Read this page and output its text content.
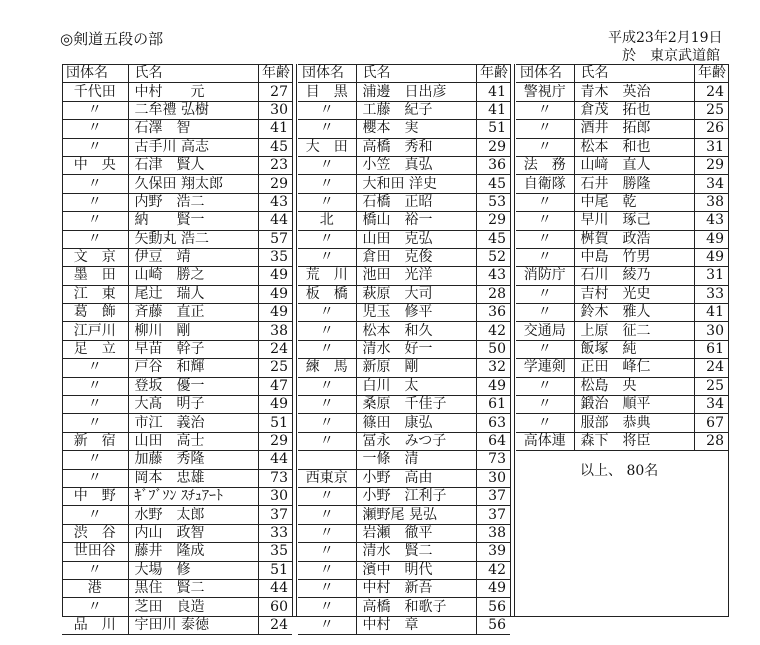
◎剣道五段の部	平成23年2月19日
於　東京武道館
団体名	氏名	年齢
千代田	中村　　元	27
〃	二牟禮 弘樹	30
〃	石澤　智	41
〃	古手川 高志	45
中　央	石津　賢人	23
〃	久保田 翔太郎	29
〃	内野　浩二	43
〃	納　　賢一	44
〃	矢動丸 浩二	57
文　京	伊豆　靖	35
墨　田	山崎　勝之	49
江　東	尾辻　瑞人	49
葛　飾	斉藤　直正	49
江戸川	柳川　剛	38
足　立	早苗　幹子	24
〃	戸谷　和輝	25
〃	登坂　優一	47
〃	大髙　明子	49
〃	市江　義治	51
新　宿	山田　高士	29
〃	加藤　秀隆	44
〃	岡本　忠雄	73
中　野	ｷﾞﾌﾞｿﾝ ｽﾁｭｱｰﾄ	30
〃	水野　太郎	37
渋　谷	内山　政智	33
世田谷	藤井　隆成	35
〃	大場　修	51
港	黒住　賢二	44
〃	芝田　良造	60
品　川	宇田川 泰徳	24
団体名	氏名	年齢
目　黒	浦邊　日出彦	41
〃	工藤　紀子	41
〃	櫻本　実	51
大　田	高橋　秀和	29
〃	小笠　真弘	36
〃	大和田 洋史	45
〃	石橋　正昭	53
北	橋山　裕一	29
〃	山田　克弘	45
〃	倉田　克俊	52
荒　川	池田　光洋	43
板　橋	萩原　大司	28
〃	児玉　修平	36
〃	松本　和久	42
〃	清水　好一	50
練　馬	新原　剛	32
〃	白川　太	49
〃	桑原　千佳子	61
〃	篠田　康弘	63
〃	冨永　みつ子	64
	一條　清	73
西東京	小野　高由	30
〃	小野　江利子	37
〃	瀬野尾 晃弘	37
〃	岩瀬　徹平	38
〃	清水　賢二	39
〃	濱中　明代	42
〃	中村　新吾	49
〃	高橋　和歌子	56
〃	中村　章	56
団体名	氏名	年齢
警視庁	青木　英治	24
〃	倉茂　拓也	25
〃	酒井　拓郎	26
〃	松本　和也	31
法　務	山﨑　直人	29
自衛隊	石井　勝隆	34
〃	中尾　乾	38
〃	早川　琢己	43
〃	桝賀　政浩	49
〃	中島　竹男	49
消防庁	石川　綾乃	31
〃	吉村　光史	33
〃	鈴木　雅人	41
交通局	上原　征二	30
〃	飯塚　純	61
学連剣	正田　峰仁	24
〃	松島　央	25
〃	鍛治　順平	34
〃	服部　恭典	67
高体連	森下　将臣	28
以上、 80名
